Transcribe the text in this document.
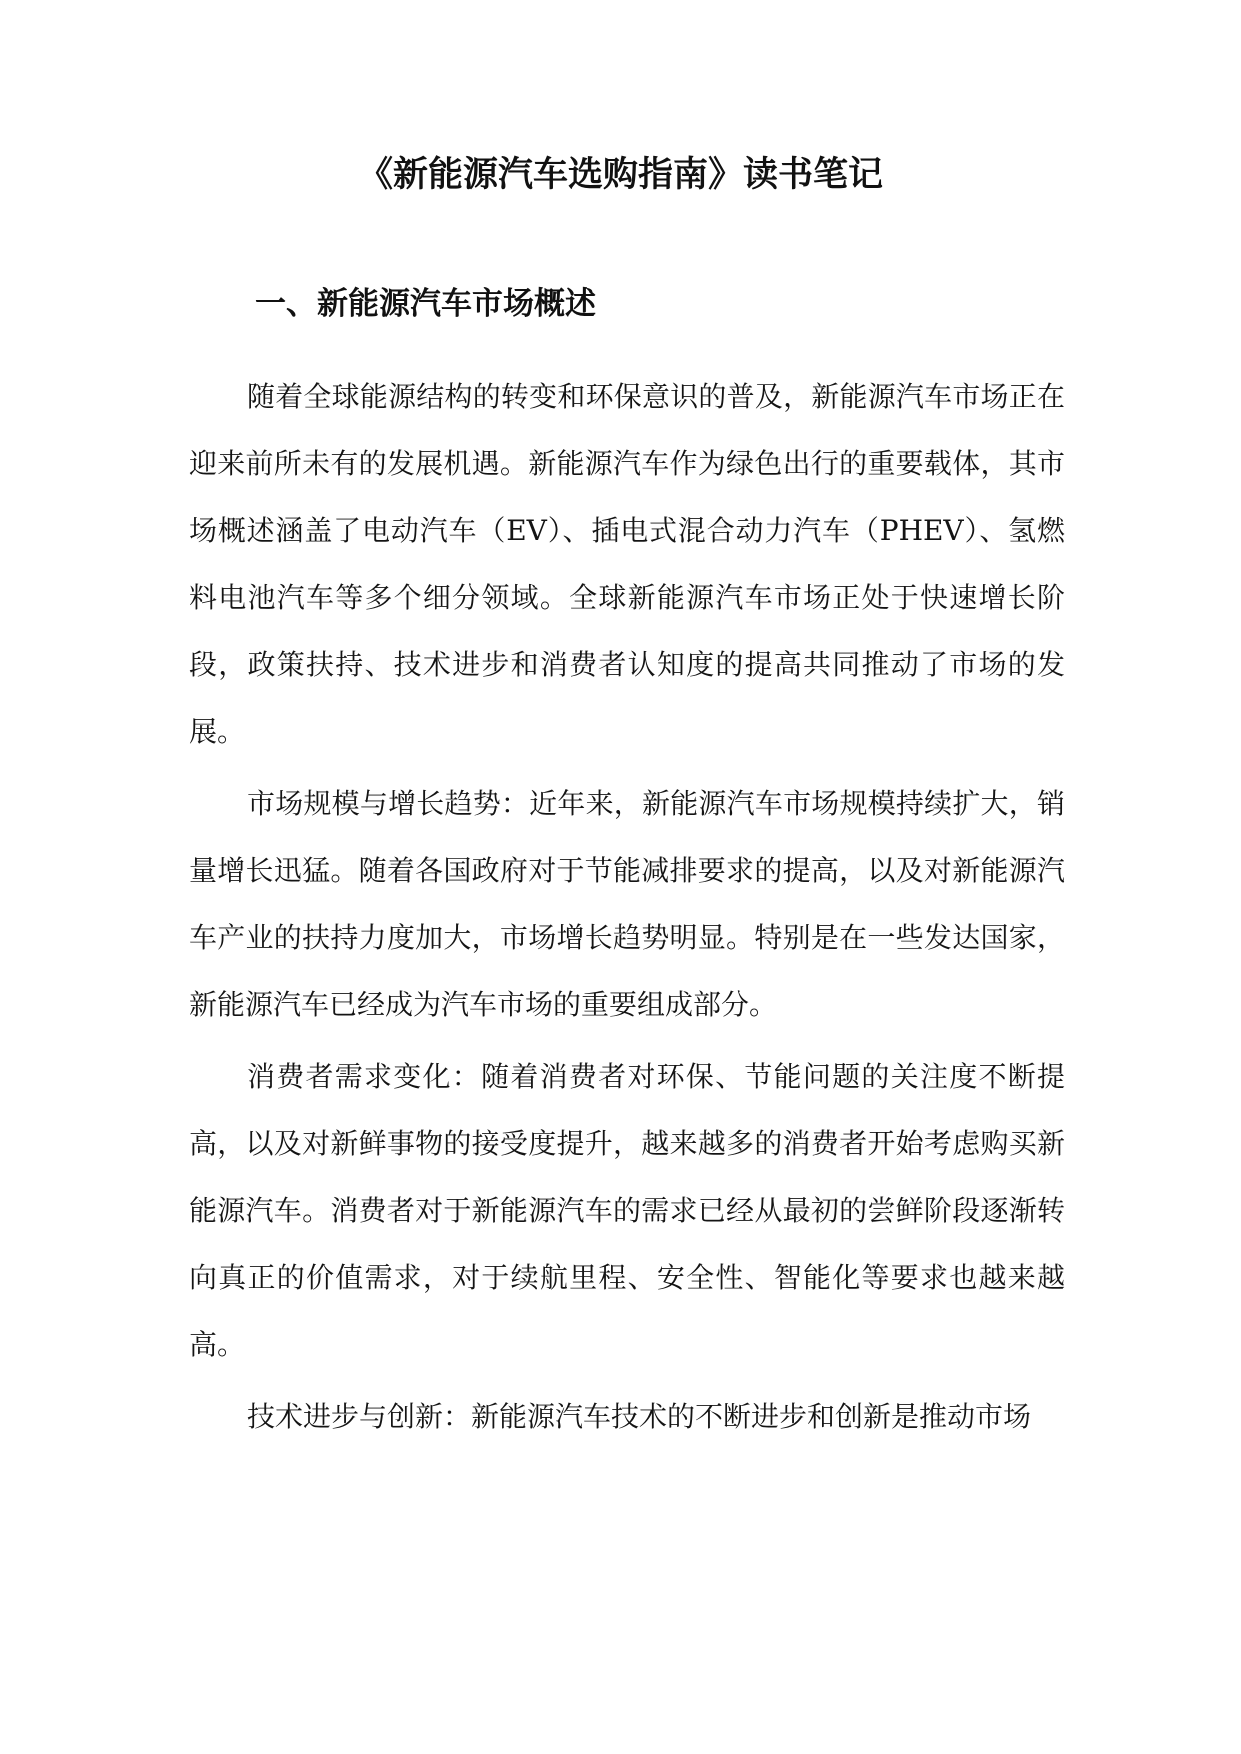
《新能源汽车选购指南》读书笔记
一、新能源汽车市场概述

随着全球能源结构的转变和环保意识的普及，新能源汽车市场正在迎来前所未有的发展机遇。新能源汽车作为绿色出行的重要载体，其市场概述涵盖了电动汽车（EV）、插电式混合动力汽车（PHEV）、氢燃料电池汽车等多个细分领域。全球新能源汽车市场正处于快速增长阶段，政策扶持、技术进步和消费者认知度的提高共同推动了市场的发展。

市场规模与增长趋势：近年来，新能源汽车市场规模持续扩大，销量增长迅猛。随着各国政府对于节能减排要求的提高，以及对新能源汽车产业的扶持力度加大，市场增长趋势明显。特别是在一些发达国家，新能源汽车已经成为汽车市场的重要组成部分。

消费者需求变化：随着消费者对环保、节能问题的关注度不断提高，以及对新鲜事物的接受度提升，越来越多的消费者开始考虑购买新能源汽车。消费者对于新能源汽车的需求已经从最初的尝鲜阶段逐渐转向真正的价值需求，对于续航里程、安全性、智能化等要求也越来越高。

技术进步与创新：新能源汽车技术的不断进步和创新是推动市场
